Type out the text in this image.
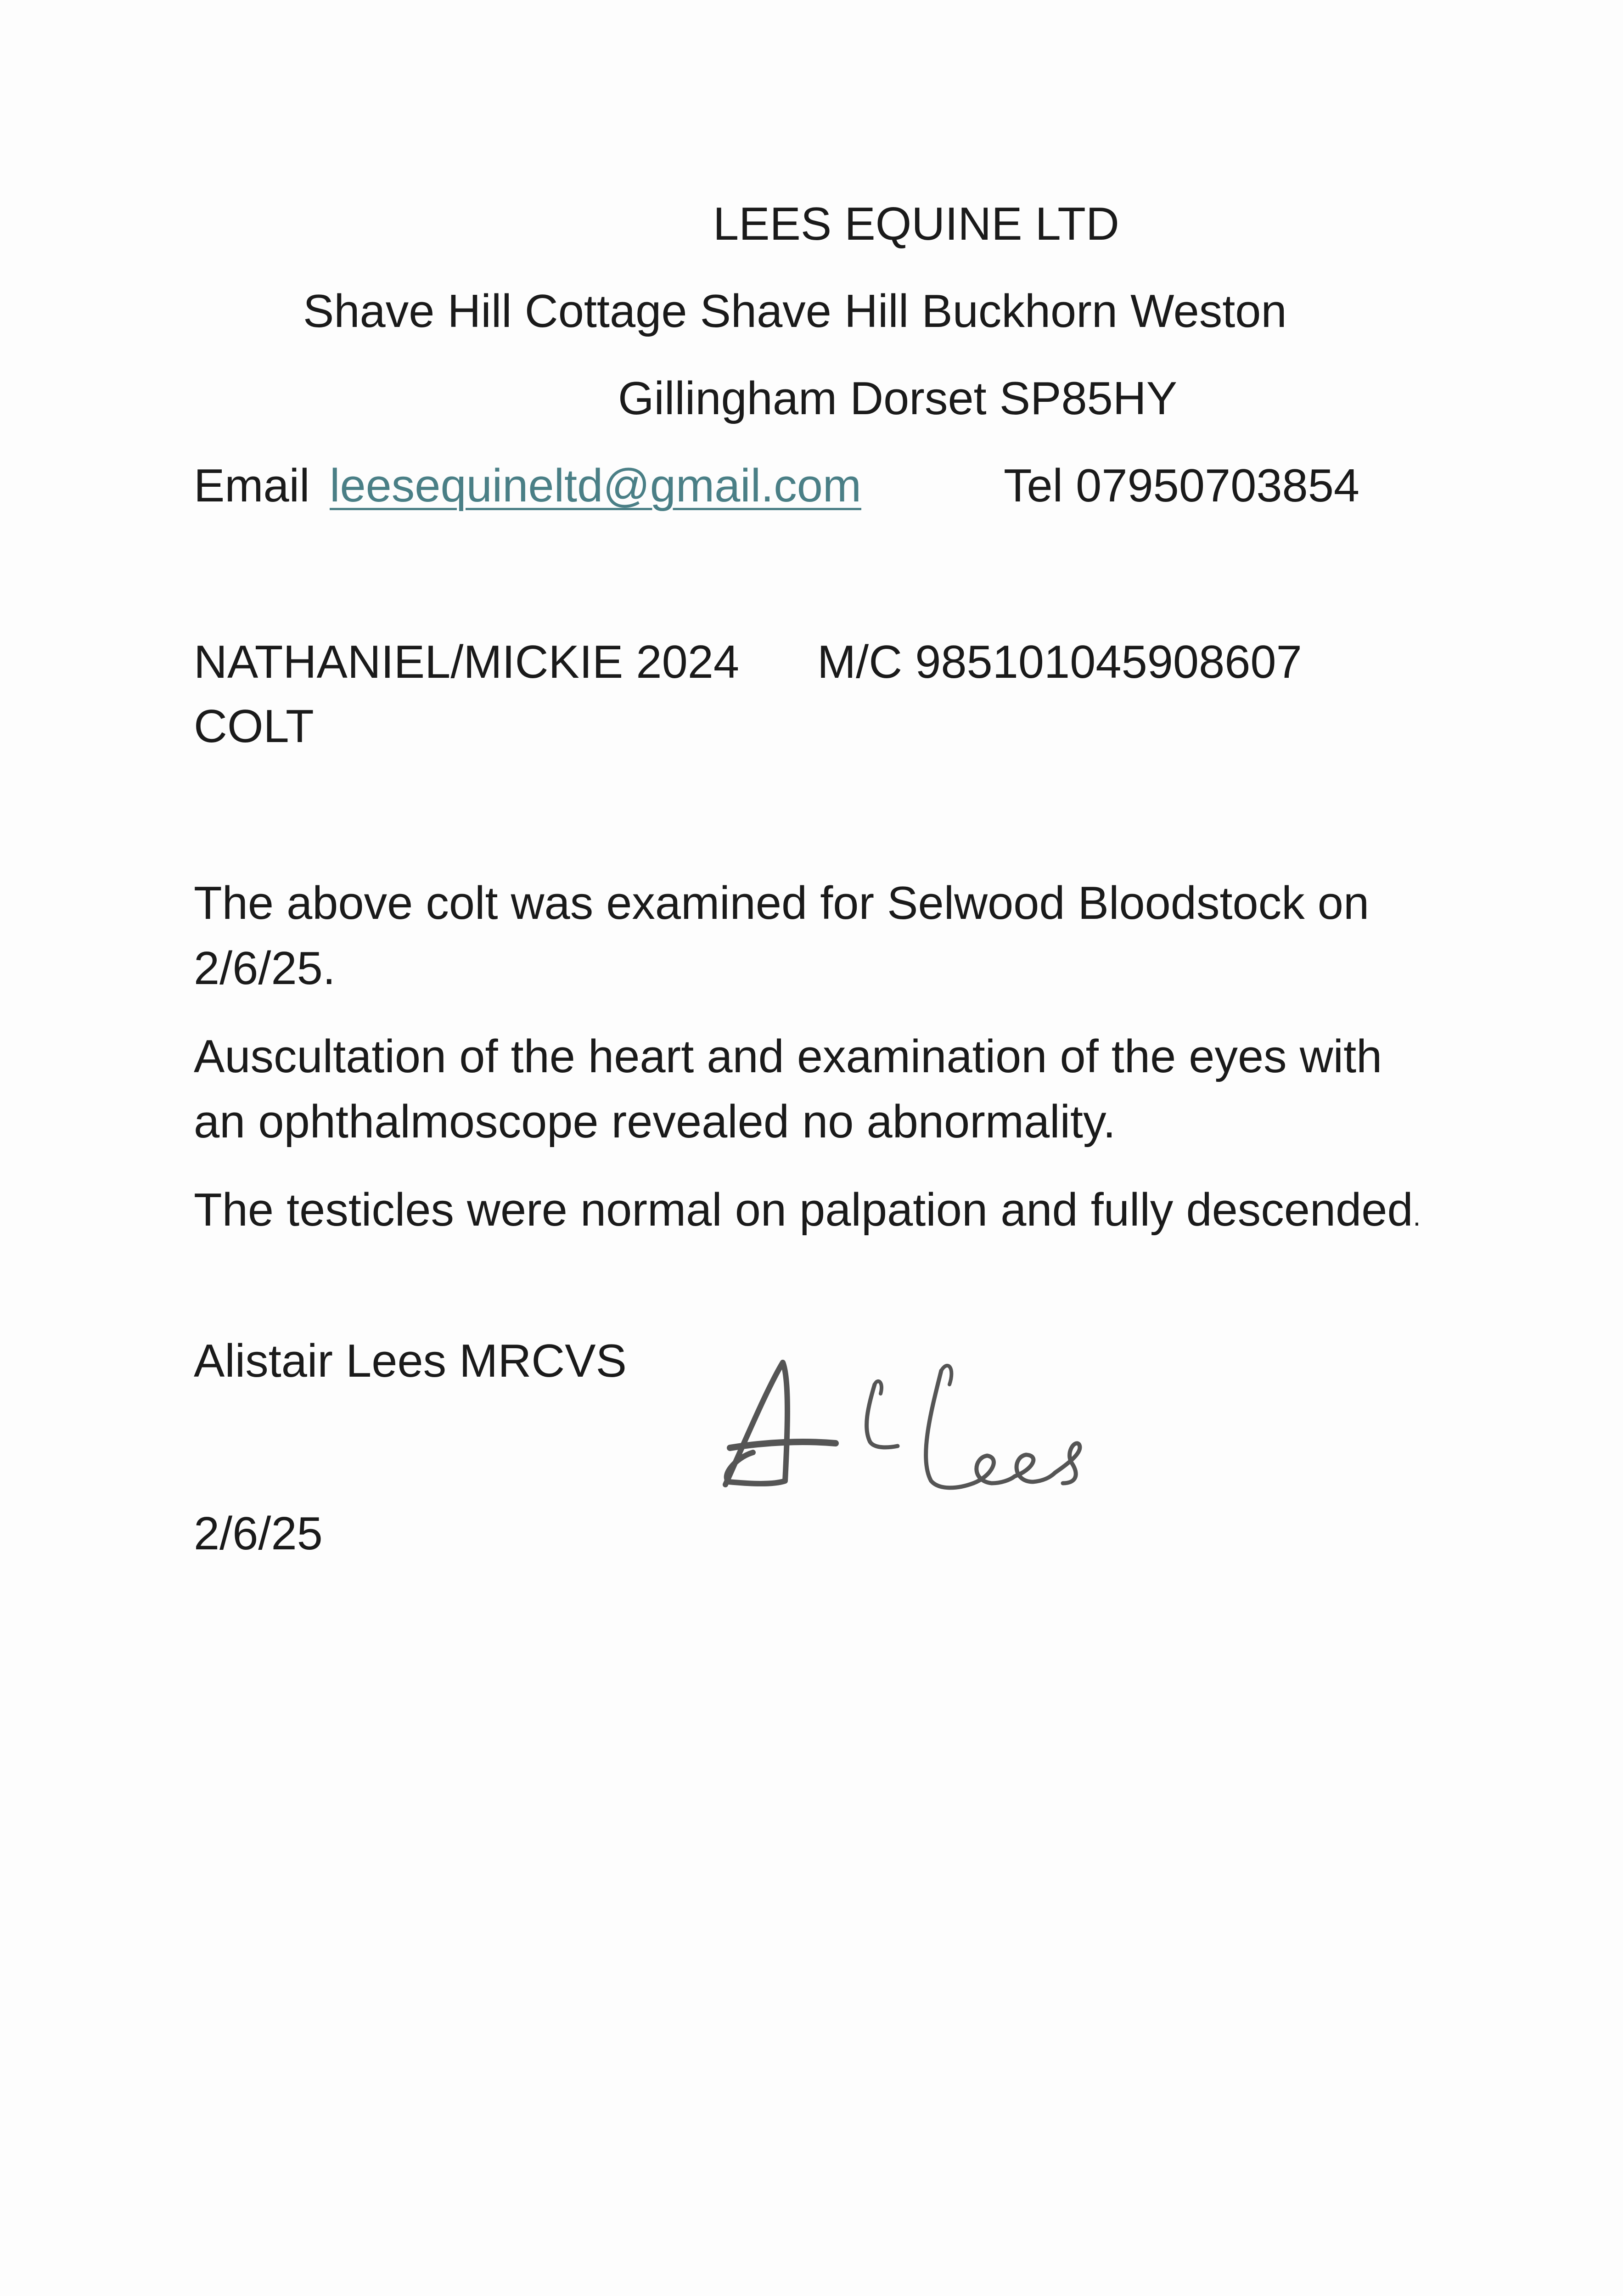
LEES EQUINE LTD
Shave Hill Cottage Shave Hill Buckhorn Weston
Gillingham Dorset SP85HY
Email leesequineltd@gmail.com	Tel 07950703854
NATHANIEL/MICKIE 2024 M/C 985101045908607
COLT
The above colt was examined for Selwood Bloodstock on 2/6/25.
Auscultation of the heart and examination of the eyes with an ophthalmoscope revealed no abnormality.
The testicles were normal on palpation and fully descended.
Alistair Lees MRCVS
2/6/25
